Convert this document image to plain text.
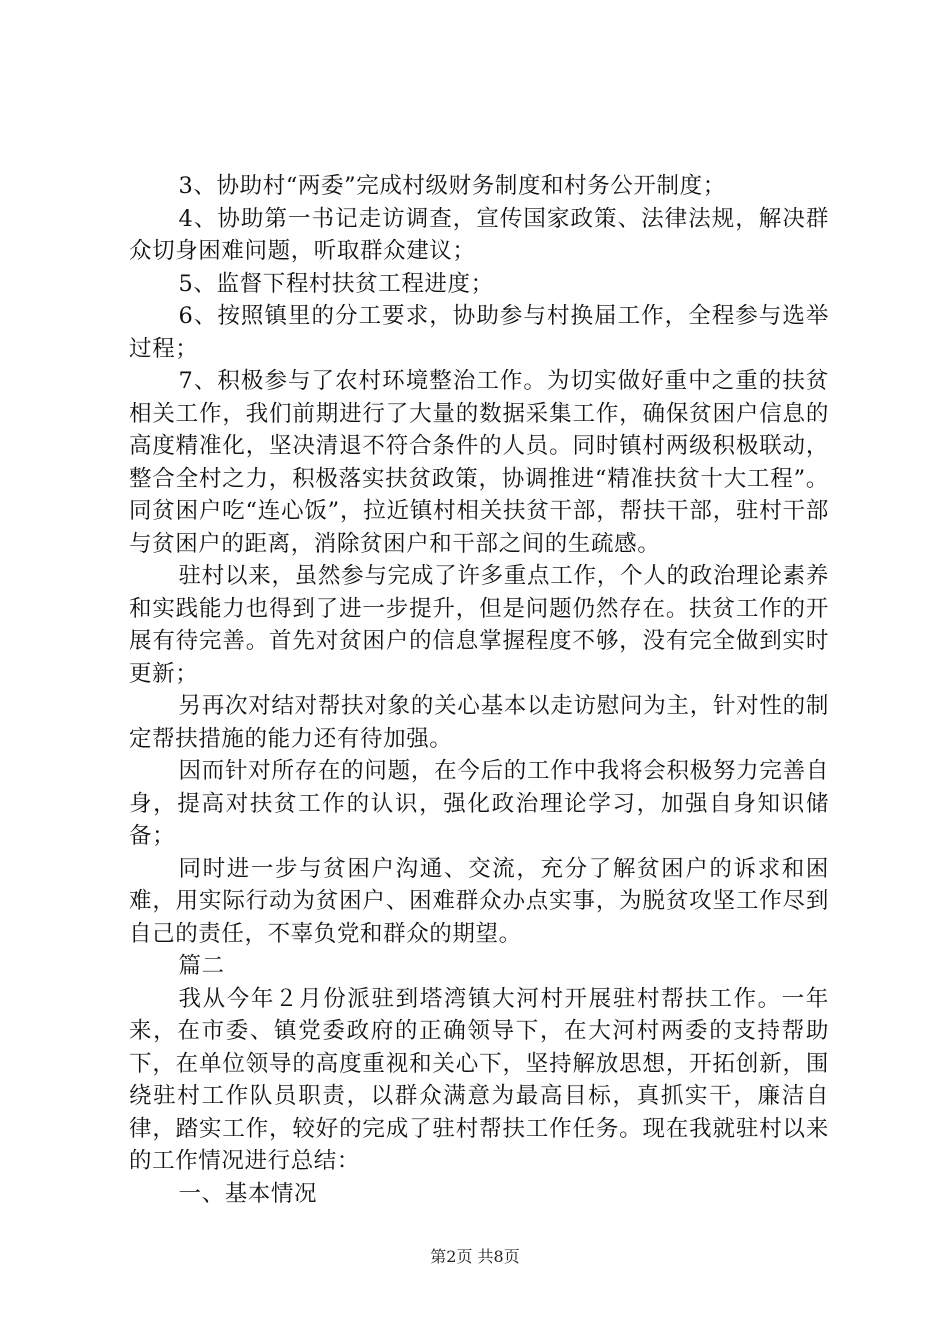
3、协助村“两委”完成村级财务制度和村务公开制度；

4、协助第一书记走访调查，宣传国家政策、法律法规，解决群众切身困难问题，听取群众建议；

5、监督下程村扶贫工程进度；

6、按照镇里的分工要求，协助参与村换届工作，全程参与选举过程；

7、积极参与了农村环境整治工作。为切实做好重中之重的扶贫相关工作，我们前期进行了大量的数据采集工作，确保贫困户信息的高度精准化，坚决清退不符合条件的人员。同时镇村两级积极联动，整合全村之力，积极落实扶贫政策，协调推进“精准扶贫十大工程”。同贫困户吃“连心饭”，拉近镇村相关扶贫干部，帮扶干部，驻村干部与贫困户的距离，消除贫困户和干部之间的生疏感。

驻村以来，虽然参与完成了许多重点工作，个人的政治理论素养和实践能力也得到了进一步提升，但是问题仍然存在。扶贫工作的开展有待完善。首先对贫困户的信息掌握程度不够，没有完全做到实时更新；

另再次对结对帮扶对象的关心基本以走访慰问为主，针对性的制定帮扶措施的能力还有待加强。

因而针对所存在的问题，在今后的工作中我将会积极努力完善自身，提高对扶贫工作的认识，强化政治理论学习，加强自身知识储备；

同时进一步与贫困户沟通、交流，充分了解贫困户的诉求和困难，用实际行动为贫困户、困难群众办点实事，为脱贫攻坚工作尽到自己的责任，不辜负党和群众的期望。

篇二

我从今年２月份派驻到塔湾镇大河村开展驻村帮扶工作。一年来，在市委、镇党委政府的正确领导下，在大河村两委的支持帮助下，在单位领导的高度重视和关心下，坚持解放思想，开拓创新，围绕驻村工作队员职责，以群众满意为最高目标，真抓实干，廉洁自律，踏实工作，较好的完成了驻村帮扶工作任务。现在我就驻村以来的工作情况进行总结：

一、基本情况

第2页 共8页
